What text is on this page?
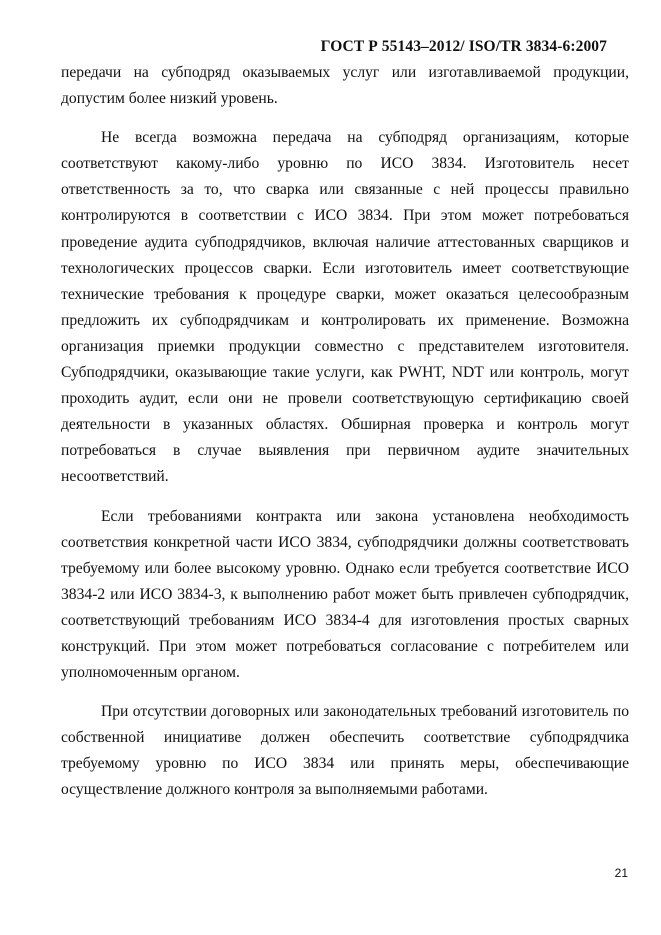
ГОСТ Р 55143–2012/ ISO/TR 3834-6:2007

передачи на субподряд оказываемых услуг или изготавливаемой продукции, допустим более низкий уровень.

Не всегда возможна передача на субподряд организациям, которые соответствуют какому-либо уровню по ИСО 3834. Изготовитель несет ответственность за то, что сварка или связанные с ней процессы правильно контролируются в соответствии с ИСО 3834. При этом может потребоваться проведение аудита субподрядчиков, включая наличие аттестованных сварщиков и технологических процессов сварки. Если изготовитель имеет соответствующие технические требования к процедуре сварки, может оказаться целесообразным предложить их субподрядчикам и контролировать их применение. Возможна организация приемки продукции совместно с представителем изготовителя. Субподрядчики, оказывающие такие услуги, как PWHT, NDT или контроль, могут проходить аудит, если они не провели соответствующую сертификацию своей деятельности в указанных областях. Обширная проверка и контроль могут потребоваться в случае выявления при первичном аудите значительных несоответствий.

Если требованиями контракта или закона установлена необходимость соответствия конкретной части ИСО 3834, субподрядчики должны соответствовать требуемому или более высокому уровню. Однако если требуется соответствие ИСО 3834-2 или ИСО 3834-3, к выполнению работ может быть привлечен субподрядчик, соответствующий требованиям ИСО 3834-4 для изготовления простых сварных конструкций. При этом может потребоваться согласование с потребителем или уполномоченным органом.

При отсутствии договорных или законодательных требований изготовитель по собственной инициативе должен обеспечить соответствие субподрядчика требуемому уровню по ИСО 3834 или принять меры, обеспечивающие осуществление должного контроля за выполняемыми работами.

21
